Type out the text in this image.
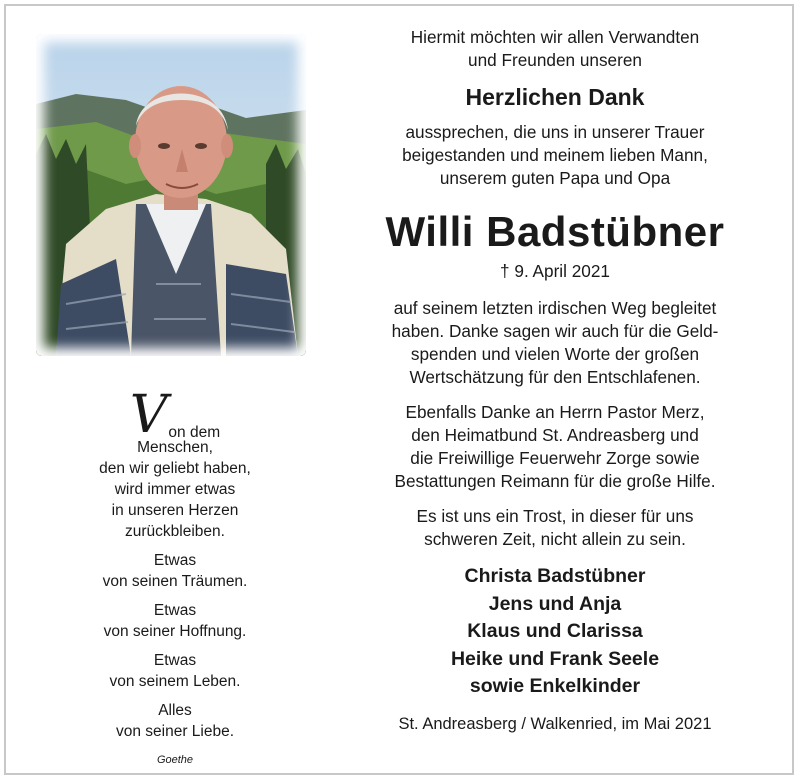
Von dem

Menschen,
den wir geliebt haben,
wird immer etwas
in unseren Herzen
zurückbleiben.

Etwas
von seinen Träumen.

Etwas
von seiner Hoffnung.

Etwas
von seinem Leben.

Alles
von seiner Liebe.

Goethe

Hiermit möchten wir allen Verwandten
und Freunden unseren

Herzlichen Dank

aussprechen, die uns in unserer Trauer
beigestanden und meinem lieben Mann,
unserem guten Papa und Opa

Willi Badstübner

† 9. April 2021

auf seinem letzten irdischen Weg begleitet
haben. Danke sagen wir auch für die Geld-
spenden und vielen Worte der großen
Wertschätzung für den Entschlafenen.

Ebenfalls Danke an Herrn Pastor Merz,
den Heimatbund St. Andreasberg und
die Freiwillige Feuerwehr Zorge sowie
Bestattungen Reimann für die große Hilfe.

Es ist uns ein Trost, in dieser für uns
schweren Zeit, nicht allein zu sein.

Christa Badstübner
Jens und Anja
Klaus und Clarissa
Heike und Frank Seele
sowie Enkelkinder

St. Andreasberg / Walkenried, im Mai 2021
